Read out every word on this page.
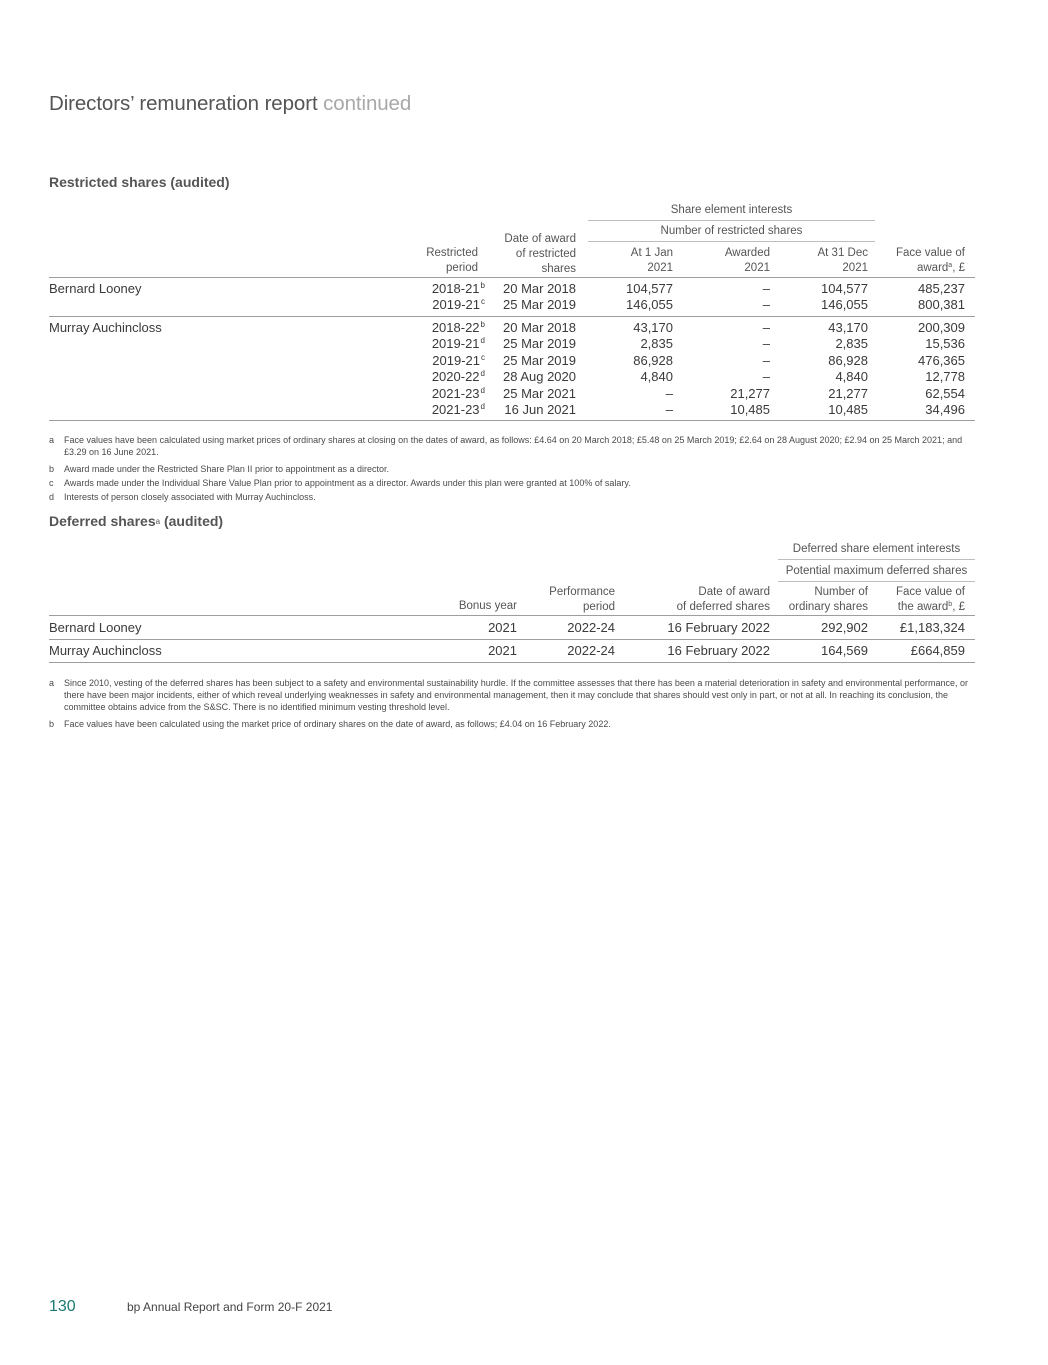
Directors’ remuneration report continued
Restricted shares (audited)
Share element interests
Number of restricted shares
Restricted
period
Date of award
of restricted
shares
At 1 Jan
2021
Awarded
2021
At 31 Dec
2021
Face value of
award$^a$, £
Bernard Looney	2018-21$^b$ 20 Mar 2018	104,577	–	104,577	485,237
2019-21$^c$ 25 Mar 2019	146,055	–	146,055	800,381
Murray Auchincloss	2018-22$^b$ 20 Mar 2018	43,170	–	43,170	200,309
2019-21$^d$ 25 Mar 2019	2,835	–	2,835	15,536
2019-21$^c$ 25 Mar 2019	86,928	–	86,928	476,365
2020-22$^d$ 28 Aug 2020	4,840	–	4,840	12,778
2021-23$^d$ 25 Mar 2021	–	21,277	21,277	62,554
2021-23$^d$ 16 Jun 2021	–	10,485	10,485	34,496
a Face values have been calculated using market prices of ordinary shares at closing on the dates of award, as follows: £4.64 on 20 March 2018; £5.48 on 25 March 2019; £2.64 on 28 August 2020; £2.94 on 25 March 2021; and £3.29 on 16 June 2021.
b Award made under the Restricted Share Plan II prior to appointment as a director.
c Awards made under the Individual Share Value Plan prior to appointment as a director. Awards under this plan were granted at 100% of salary.
d Interests of person closely associated with Murray Auchincloss.
Deferred shares$^a$ (audited)
Deferred share element interests
Potential maximum deferred shares
Bonus year
Performance
period
Date of award
of deferred shares
Number of
ordinary shares
Face value of
the award$^b$, £
Bernard Looney	2021	2022-24	16 February 2022	292,902 £1,183,324
Murray Auchincloss	2021	2022-24	16 February 2022	164,569	£664,859
a Since 2010, vesting of the deferred shares has been subject to a safety and environmental sustainability hurdle. If the committee assesses that there has been a material deterioration in safety and environmental performance, or there have been major incidents, either of which reveal underlying weaknesses in safety and environmental management, then it may conclude that shares should vest only in part, or not at all. In reaching its conclusion, the committee obtains advice from the S&SC. There is no identified minimum vesting threshold level.
b Face values have been calculated using the market price of ordinary shares on the date of award, as follows; £4.04 on 16 February 2022.
130	bp Annual Report and Form 20-F 2021
